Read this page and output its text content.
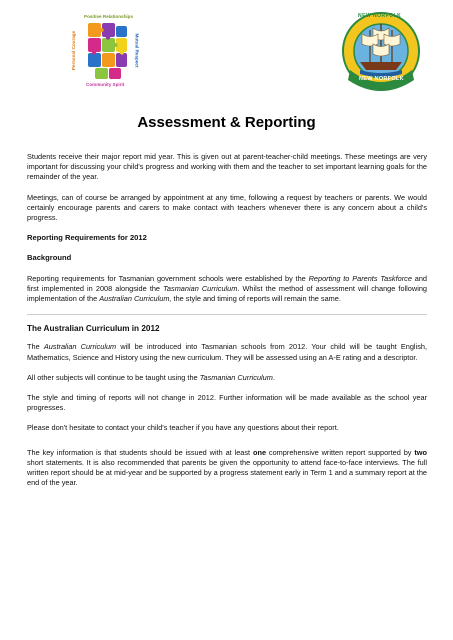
Positive Relationships
Personal Courage	Mutual Respect
Community Spirit
NEW NORFOLK
NEW NORFOLK
Assessment & Reporting

Students receive their major report mid year. This is given out at parent-teacher-child meetings. These meetings are very important for discussing your child's progress and working with them and the teacher to set important learning goals for the remainder of the year.

Meetings, can of course be arranged by appointment at any time, following a request by teachers or parents. We would certainly encourage parents and carers to make contact with teachers whenever there is any concern about a child's progress.

Reporting Requirements for 2012
Background

Reporting requirements for Tasmanian government schools were established by the Reporting to Parents Taskforce and first implemented in 2008 alongside the Tasmanian Curriculum. Whilst the method of assessment will change following implementation of the Australian Curriculum, the style and timing of reports will remain the same.

The Australian Curriculum in 2012

The Australian Curriculum will be introduced into Tasmanian schools from 2012. Your child will be taught English, Mathematics, Science and History using the new curriculum. They will be assessed using an A-E rating and a descriptor.

All other subjects will continue to be taught using the Tasmanian Curriculum.

The style and timing of reports will not change in 2012. Further information will be made available as the school year progresses.

Please don't hesitate to contact your child's teacher if you have any questions about their report.

The key information is that students should be issued with at least one comprehensive written report supported by two short statements. It is also recommended that parents be given the opportunity to attend face-to-face interviews. The full written report should be at mid-year and be supported by a progress statement early in Term 1 and a summary report at the end of the year.
